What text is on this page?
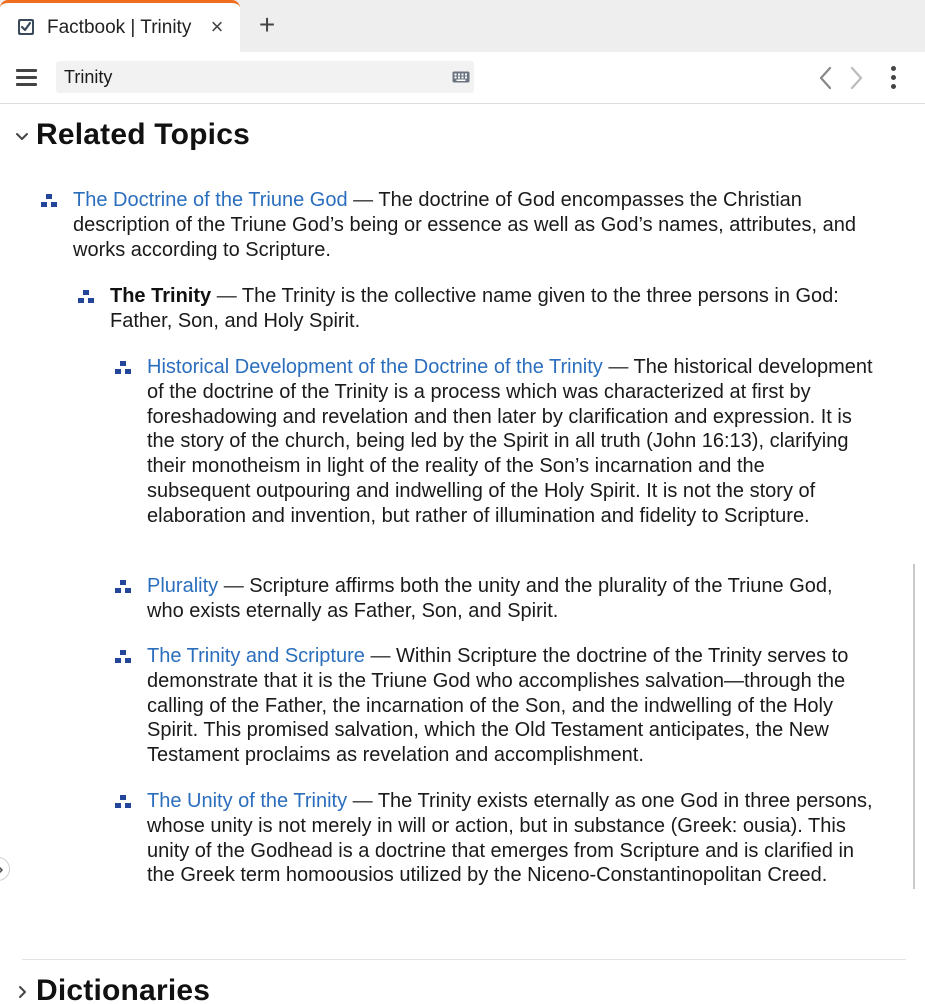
Factbook | Trinity × +
Trinity
Related Topics
The Doctrine of the Triune God — The doctrine of God encompasses the Christian description of the Triune God’s being or essence as well as God’s names, attributes, and works according to Scripture.
The Trinity — The Trinity is the collective name given to the three persons in God: Father, Son, and Holy Spirit.
Historical Development of the Doctrine of the Trinity — The historical development of the doctrine of the Trinity is a process which was characterized at first by foreshadowing and revelation and then later by clarification and expression. It is the story of the church, being led by the Spirit in all truth (John 16:13), clarifying their monotheism in light of the reality of the Son’s incarnation and the subsequent outpouring and indwelling of the Holy Spirit. It is not the story of elaboration and invention, but rather of illumination and fidelity to Scripture.
Plurality — Scripture affirms both the unity and the plurality of the Triune God, who exists eternally as Father, Son, and Spirit.
The Trinity and Scripture — Within Scripture the doctrine of the Trinity serves to demonstrate that it is the Triune God who accomplishes salvation—through the calling of the Father, the incarnation of the Son, and the indwelling of the Holy Spirit. This promised salvation, which the Old Testament anticipates, the New Testament proclaims as revelation and accomplishment.
The Unity of the Trinity — The Trinity exists eternally as one God in three persons, whose unity is not merely in will or action, but in substance (Greek: ousia). This unity of the Godhead is a doctrine that emerges from Scripture and is clarified in the Greek term homoousios utilized by the Niceno-Constantinopolitan Creed.
Dictionaries
